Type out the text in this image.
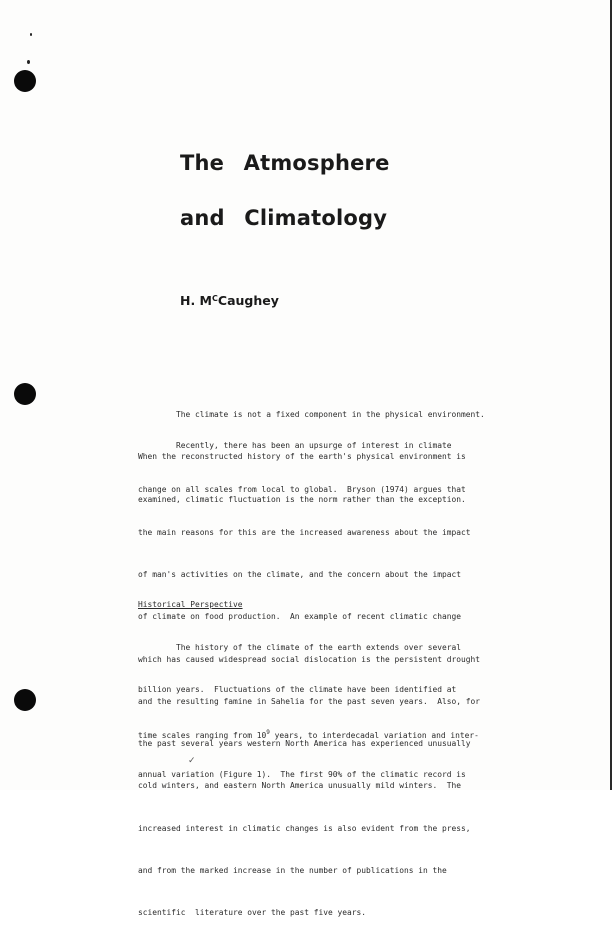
The Atmosphere
and Climatology
H. $M^CCaughey$

The climate is not a fixed component in the physical environment.

When the reconstructed history of the earth's physical environment is

examined, climatic fluctuation is the norm rather than the exception.

Recently, there has been an upsurge of interest in climate

change on all scales from local to global.  Bryson (1974) argues that

the main reasons for this are the increased awareness about the impact

of man's activities on the climate, and the concern about the impact

of climate on food production.  An example of recent climatic change

which has caused widespread social dislocation is the persistent drought

and the resulting famine in Sahelia for the past seven years.  Also, for

the past several years western North America has experienced unusually

cold winters, and eastern North America unusually mild winters.  The

increased interest in climatic changes is also evident from the press,

and from the marked increase in the number of publications in the

scientific  literature over the past five years.

Historical Perspective

The history of the climate of the earth extends over several

billion years.  Fluctuations of the climate have been identified at

time scales ranging from $10^9$ years, to interdecadal variation and inter-

annual variation (Figure 1).  The first 90% of the climatic record is

✓
